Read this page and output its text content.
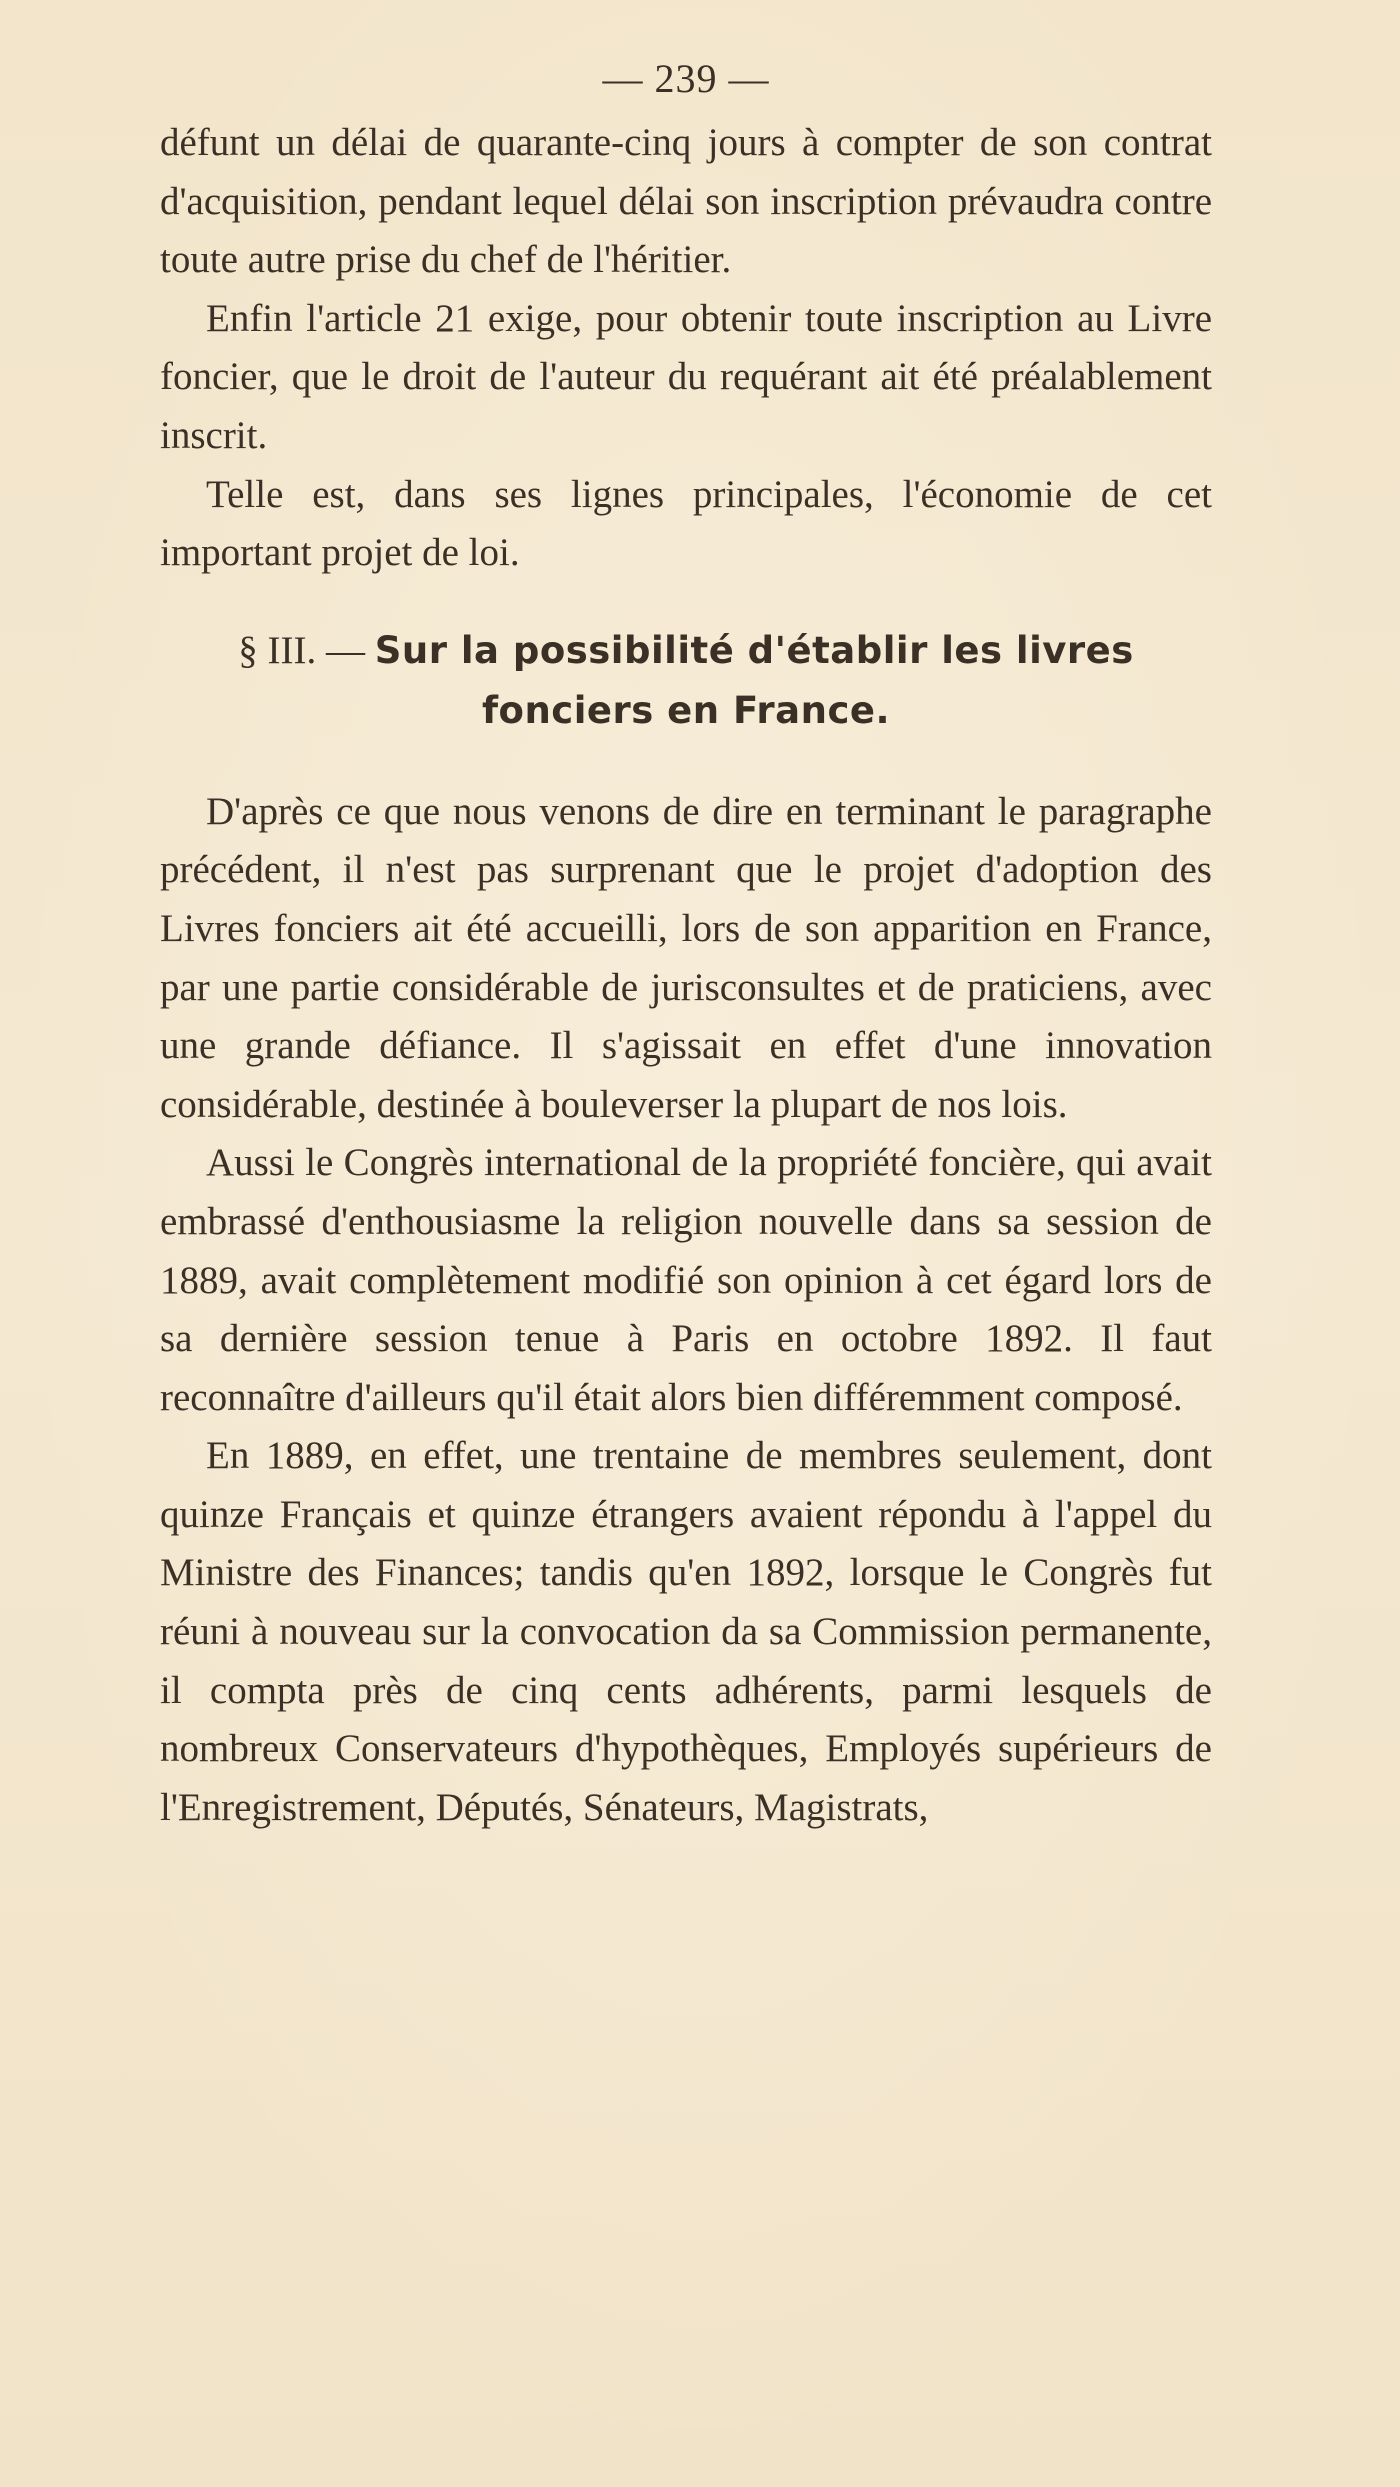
— 239 —

défunt un délai de quarante-cinq jours à compter de son contrat d'acquisition, pendant lequel délai son inscription prévaudra contre toute autre prise du chef de l'héritier.

Enfin l'article 21 exige, pour obtenir toute inscription au Livre foncier, que le droit de l'auteur du requérant ait été préalablement inscrit.

Telle est, dans ses lignes principales, l'économie de cet important projet de loi.

§ III. — Sur la possibilité d'établir les livres
fonciers en France.

D'après ce que nous venons de dire en terminant le paragraphe précédent, il n'est pas surprenant que le projet d'adoption des Livres fonciers ait été accueilli, lors de son apparition en France, par une partie considérable de jurisconsultes et de praticiens, avec une grande défiance. Il s'agissait en effet d'une innovation considérable, destinée à bouleverser la plupart de nos lois.

Aussi le Congrès international de la propriété foncière, qui avait embrassé d'enthousiasme la religion nouvelle dans sa session de 1889, avait complètement modifié son opinion à cet égard lors de sa dernière session tenue à Paris en octobre 1892. Il faut reconnaître d'ailleurs qu'il était alors bien différemment composé.

En 1889, en effet, une trentaine de membres seulement, dont quinze Français et quinze étrangers avaient répondu à l'appel du Ministre des Finances; tandis qu'en 1892, lorsque le Congrès fut réuni à nouveau sur la convocation da sa Commission permanente, il compta près de cinq cents adhérents, parmi lesquels de nombreux Conservateurs d'hypothèques, Employés supérieurs de l'Enregistrement, Députés, Sénateurs, Magistrats,
